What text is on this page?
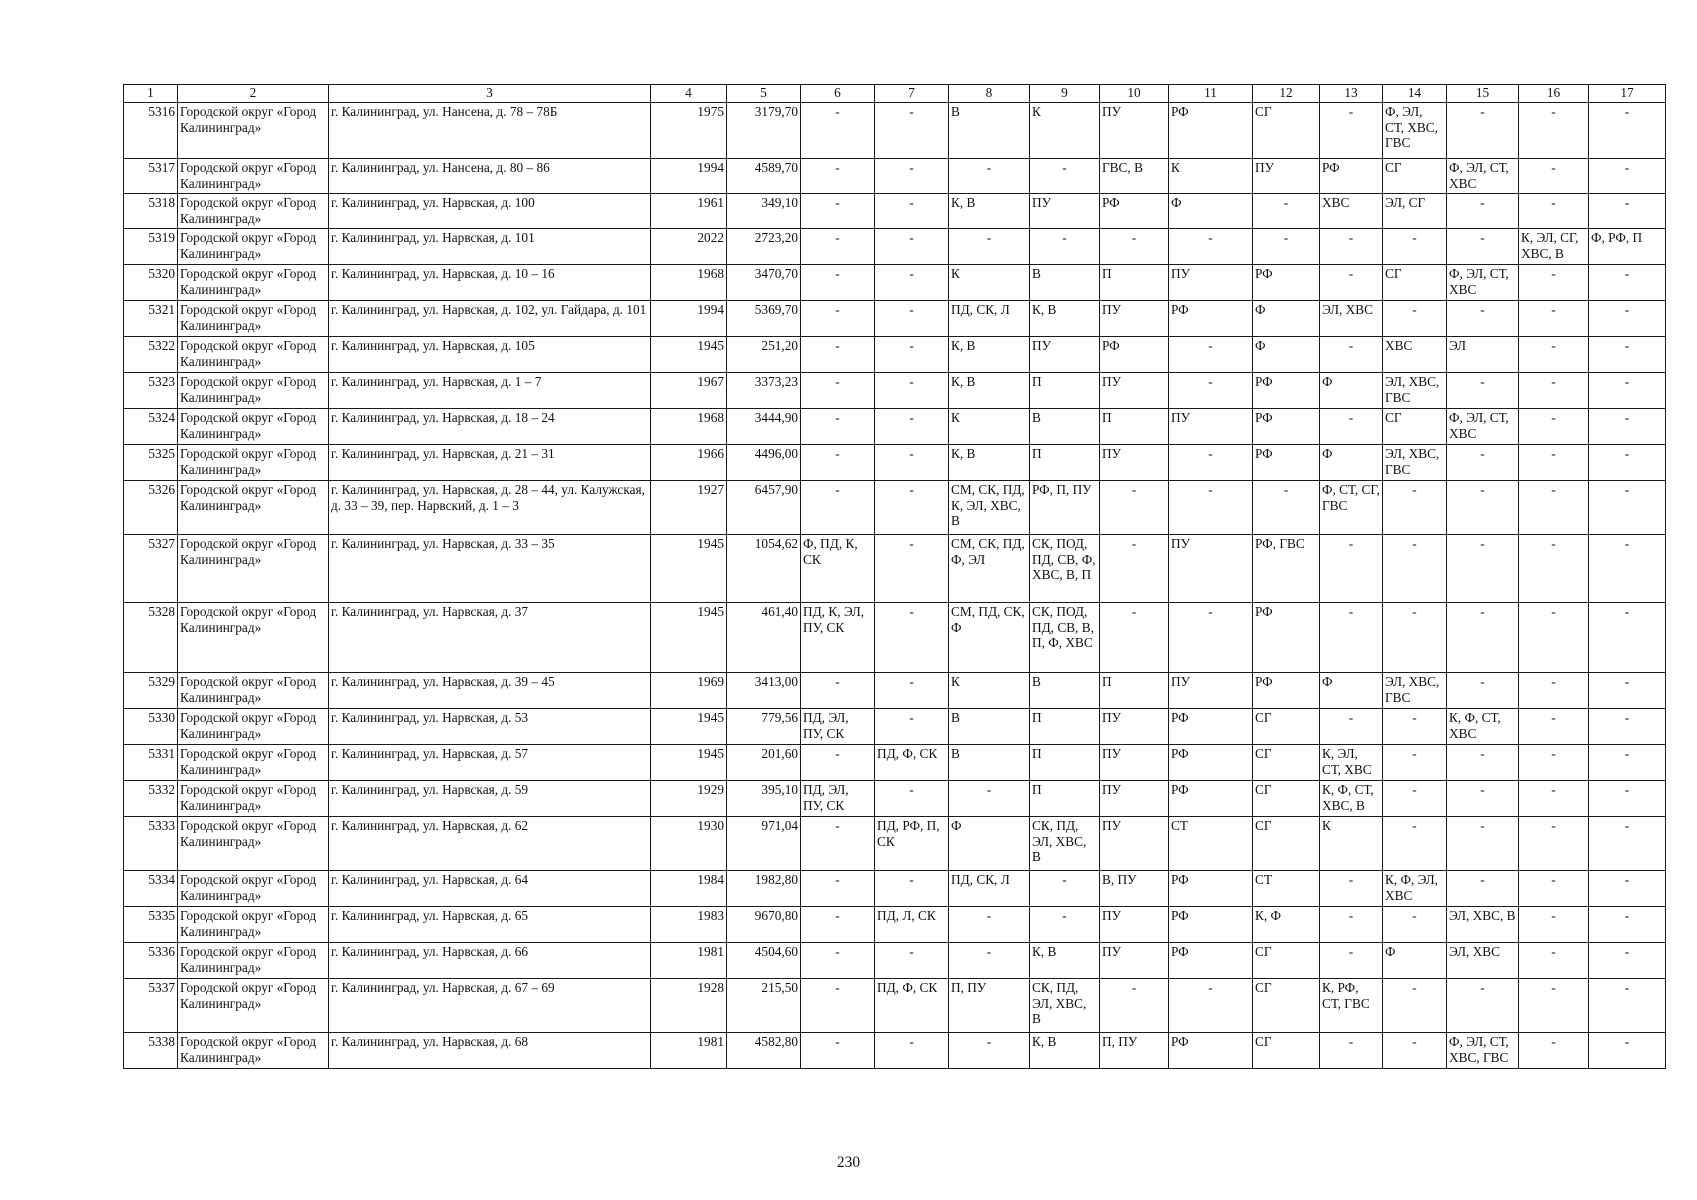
1	2	3	4	5	6	7	8	9	10	11	12	13	14	15	16	17
5316	Городской округ «Город Калининград»	г. Калининград, ул. Нансена, д. 78 – 78Б	1975	3179,70	-	-	В	К	ПУ	РФ	СГ	-	Ф, ЭЛ, СТ, ХВС, ГВС	-	-	-
5317	Городской округ «Город Калининград»	г. Калининград, ул. Нансена, д. 80 – 86	1994	4589,70	-	-	-	-	ГВС, В	К	ПУ	РФ	СГ	Ф, ЭЛ, СТ, ХВС	-	-
5318	Городской округ «Город Калининград»	г. Калининград, ул. Нарвская, д. 100	1961	349,10	-	-	К, В	ПУ	РФ	Ф	-	ХВС	ЭЛ, СГ	-	-	-
5319	Городской округ «Город Калининград»	г. Калининград, ул. Нарвская, д. 101	2022	2723,20	-	-	-	-	-	-	-	-	-	-	К, ЭЛ, СГ, ХВС, В	Ф, РФ, П
5320	Городской округ «Город Калининград»	г. Калининград, ул. Нарвская, д. 10 – 16	1968	3470,70	-	-	К	В	П	ПУ	РФ	-	СГ	Ф, ЭЛ, СТ, ХВС	-	-
5321	Городской округ «Город Калининград»	г. Калининград, ул. Нарвская, д. 102, ул. Гайдара, д. 101	1994	5369,70	-	-	ПД, СК, Л	К, В	ПУ	РФ	Ф	ЭЛ, ХВС	-	-	-	-
5322	Городской округ «Город Калининград»	г. Калининград, ул. Нарвская, д. 105	1945	251,20	-	-	К, В	ПУ	РФ	-	Ф	-	ХВС	ЭЛ	-	-
5323	Городской округ «Город Калининград»	г. Калининград, ул. Нарвская, д. 1 – 7	1967	3373,23	-	-	К, В	П	ПУ	-	РФ	Ф	ЭЛ, ХВС, ГВС	-	-	-
5324	Городской округ «Город Калининград»	г. Калининград, ул. Нарвская, д. 18 – 24	1968	3444,90	-	-	К	В	П	ПУ	РФ	-	СГ	Ф, ЭЛ, СТ, ХВС	-	-
5325	Городской округ «Город Калининград»	г. Калининград, ул. Нарвская, д. 21 – 31	1966	4496,00	-	-	К, В	П	ПУ	-	РФ	Ф	ЭЛ, ХВС, ГВС	-	-	-
5326	Городской округ «Город Калининград»	г. Калининград, ул. Нарвская, д. 28 – 44, ул. Калужская, д. 33 – 39, пер. Нарвский, д. 1 – 3	1927	6457,90	-	-	СМ, СК, ПД, К, ЭЛ, ХВС, В	РФ, П, ПУ	-	-	-	Ф, СТ, СГ, ГВС	-	-	-	-
5327	Городской округ «Город Калининград»	г. Калининград, ул. Нарвская, д. 33 – 35	1945	1054,62	Ф, ПД, К, СК	-	СМ, СК, ПД, Ф, ЭЛ	СК, ПОД, ПД, СВ, Ф, ХВС, В, П	-	ПУ	РФ, ГВС	-	-	-	-	-
5328	Городской округ «Город Калининград»	г. Калининград, ул. Нарвская, д. 37	1945	461,40	ПД, К, ЭЛ, ПУ, СК	-	СМ, ПД, СК, Ф	СК, ПОД, ПД, СВ, В, П, Ф, ХВС	-	-	РФ	-	-	-	-	-
5329	Городской округ «Город Калининград»	г. Калининград, ул. Нарвская, д. 39 – 45	1969	3413,00	-	-	К	В	П	ПУ	РФ	Ф	ЭЛ, ХВС, ГВС	-	-	-
5330	Городской округ «Город Калининград»	г. Калининград, ул. Нарвская, д. 53	1945	779,56	ПД, ЭЛ, ПУ, СК	-	В	П	ПУ	РФ	СГ	-	-	К, Ф, СТ, ХВС	-	-
5331	Городской округ «Город Калининград»	г. Калининград, ул. Нарвская, д. 57	1945	201,60	-	ПД, Ф, СК	В	П	ПУ	РФ	СГ	К, ЭЛ, СТ, ХВС	-	-	-	-
5332	Городской округ «Город Калининград»	г. Калининград, ул. Нарвская, д. 59	1929	395,10	ПД, ЭЛ, ПУ, СК	-	-	П	ПУ	РФ	СГ	К, Ф, СТ, ХВС, В	-	-	-	-
5333	Городской округ «Город Калининград»	г. Калининград, ул. Нарвская, д. 62	1930	971,04	-	ПД, РФ, П, СК	Ф	СК, ПД, ЭЛ, ХВС, В	ПУ	СТ	СГ	К	-	-	-	-
5334	Городской округ «Город Калининград»	г. Калининград, ул. Нарвская, д. 64	1984	1982,80	-	-	ПД, СК, Л	-	В, ПУ	РФ	СТ	-	К, Ф, ЭЛ, ХВС	-	-	-
5335	Городской округ «Город Калининград»	г. Калининград, ул. Нарвская, д. 65	1983	9670,80	-	ПД, Л, СК	-	-	ПУ	РФ	К, Ф	-	-	ЭЛ, ХВС, В	-	-
5336	Городской округ «Город Калининград»	г. Калининград, ул. Нарвская, д. 66	1981	4504,60	-	-	-	К, В	ПУ	РФ	СГ	-	Ф	ЭЛ, ХВС	-	-
5337	Городской округ «Город Калининград»	г. Калининград, ул. Нарвская, д. 67 – 69	1928	215,50	-	ПД, Ф, СК	П, ПУ	СК, ПД, ЭЛ, ХВС, В	-	-	СГ	К, РФ, СТ, ГВС	-	-	-	-
5338	Городской округ «Город Калининград»	г. Калининград, ул. Нарвская, д. 68	1981	4582,80	-	-	-	К, В	П, ПУ	РФ	СГ	-	-	Ф, ЭЛ, СТ, ХВС, ГВС	-	-
230
